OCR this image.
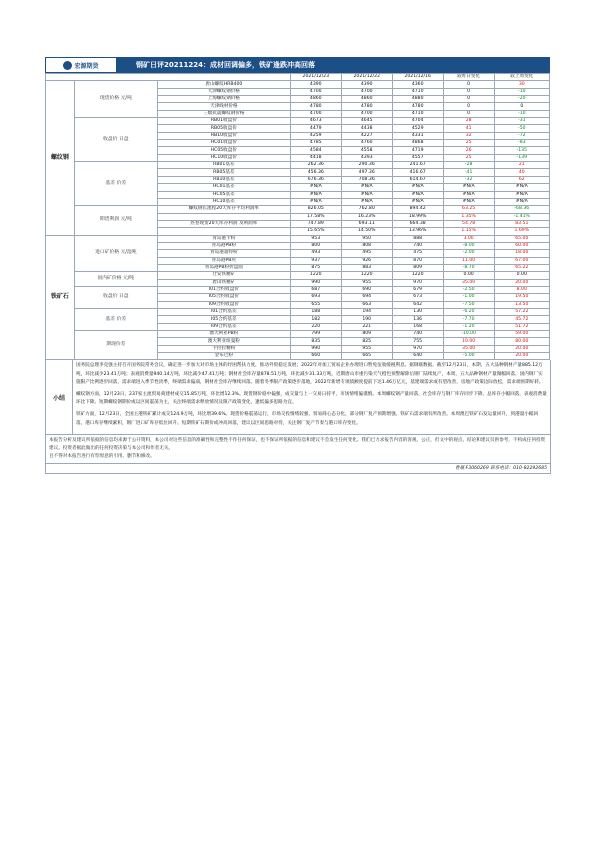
宏源期货	钢矿日评20211224：成材回调偏多，铁矿逢跌冲高回落
			2021/12/23	2021/12/22	2021/12/16	较昨日变化	较上周变化
螺纹钢	现货价格 元/吨	唐山螺纹HRB400	4390	4390	4360	0	30
		天津螺纹钢价格	4700	4700	4710	0	-10
		上海螺纹钢价格	4860	4860	4880	0	-20
		天津线材价格	4780	4780	4780	0	0
		三级抗震螺纹钢价格	4700	4700	4710	0	-10
	收盘价 日盘	RB01收盘价	4673	4645	4704	28	-31
		RB05收盘价	4479	4438	4529	41	-50
		RB10收盘价	4259	4227	4331	32	-72
		HC01收盘价	4785	4760	4868	25	-83
		HC05收盘价	4584	4558	4719	26	-135
		HC10收盘价	4418	4393	4557	25	-139
	基差 价差	RB01基差	262.36	290.36	241.67	-28	21
		RB05基差	456.36	497.36	416.67	-41	40
		RB10基差	676.36	708.36	614.67	-32	62
		HC01基差	#N/A	#N/A	#N/A	#N/A	#N/A
		HC05基差	#N/A	#N/A	#N/A	#N/A	#N/A
		HC10基差	#N/A	#N/A	#N/A	#N/A	#N/A
	期货利润 元/吨	螺纹钢长流程20天库存平均利润率	826.05	762.80	894.42	63.25	-68.36
			17.58%	16.23%	18.99%	1.35%	-1.41%
		热卷现货20天库存利润 及利润率	747.89	693.11	664.38	54.78	83.51
			15.65%	14.50%	13.96%	1.15%	1.69%
铁矿石	进口矿价格 元/湿吨	青岛港卡粉	953	950	888	3.00	65.00
		青岛港PB粉	800	808	740	-8.00	60.00
		青岛港超特粉	493	495	475	-2.00	18.00
		青岛港PB块	937	926	870	11.00	67.00
		青岛港PB粉折盘面	875	883	809	-8.70	65.22
	国内矿价格 元/吨	迁安铁精矿	1220	1220	1220	0.00	0.00
		唐山铁精矿	990	955	970	35.00	20.00
	收盘价 日盘	I01合约收盘价	687	690	679	-2.50	8.00
		I05合约收盘价	693	694	673	-1.00	19.50
		I09合约收盘价	655	663	642	-7.50	13.50
	基差 价差	I01合约基差	188	194	130	-6.20	57.22
		I05合约基差	182	190	136	-7.70	45.72
		I09合约基差	220	221	168	-1.20	51.72
	期现价差	澳大利亚PB粉	799	809	740	-10.00	59.00
		澳大利亚纽曼粉	835	825	755	10.00	80.00
		卡拉拉精粉	990	955	970	35.00	20.00
		金布巴粉	660	665	640	-5.00	20.00
小结

国务院总理李克强主持召开国务院常务会议，确定进一步加大对市场主体的纾困帮扶力度，推动外贸稳定发展；2022年对加工贸易企业办理进口暂免征收缓税利息。据钢联数据，截至12月23日，本期，五大品种钢材产量885.12万吨，环比减少23.41万吨；表观消费量940.14万吨，环比减少47.41万吨；钢材社会库存量878.51万吨，环比减少31.33万吨。近期唐山市重污染天气橙色预警解除后钢厂陆续复产，本周，五大品种钢材产量微幅回落，国内钢厂实施限产比例逐步回落，需求端进入季节性淡季，终端需求偏弱，钢材社会库存继续回落。随着冬季限产政策逐步落地，2022年新增专项债额度提前下达1.46万亿元，基建端需求或有望改善，房地产政策边际放松，需求端预期好转。

螺纹钢方面，12月23日，237家主流贸易商建材成交15.85万吨，环比增12.3%。现货钢价稳中偏强，成交量与上一交易日持平，市场情绪偏谨慎。本周螺纹钢产量回落，社会库存与钢厂库存同步下降，总库存小幅回落，表观消费量环比下降。短期螺纹钢期价或以区间震荡为主，关注终端需求释放情况及限产政策变化，逢低偏多思路为宜。

铁矿方面，12月23日，全国主港铁矿累计成交124.9万吨，环比增39.6%。现货价格震荡运行，市场交投情绪较强，贸易商心态分化，部分钢厂复产预期增强，铁矿石需求端有所改善。本周澳巴铁矿石发运量回升，到港量小幅回落，港口库存继续累积，钢厂进口矿库存低位回升。短期铁矿石期价或冲高回落，建议以区间思路对待，关注钢厂复产节奏与港口库存变化。

本报告分析及建议所依据的信息均来源于公开资料，本公司对这些信息的准确性和完整性不作任何保证，也不保证所依据的信息和建议不会发生任何变化。我们已力求报告内容的客观、公正，但文中的观点、结论和建议仅供参考，不构成任何投资建议。投资者据此做出的任何投资决策与本公司和作者无关。

且不得对本报告进行有悖原意的引用、删节和修改。

曹晟 F3060269 联系电话：010-82292685
